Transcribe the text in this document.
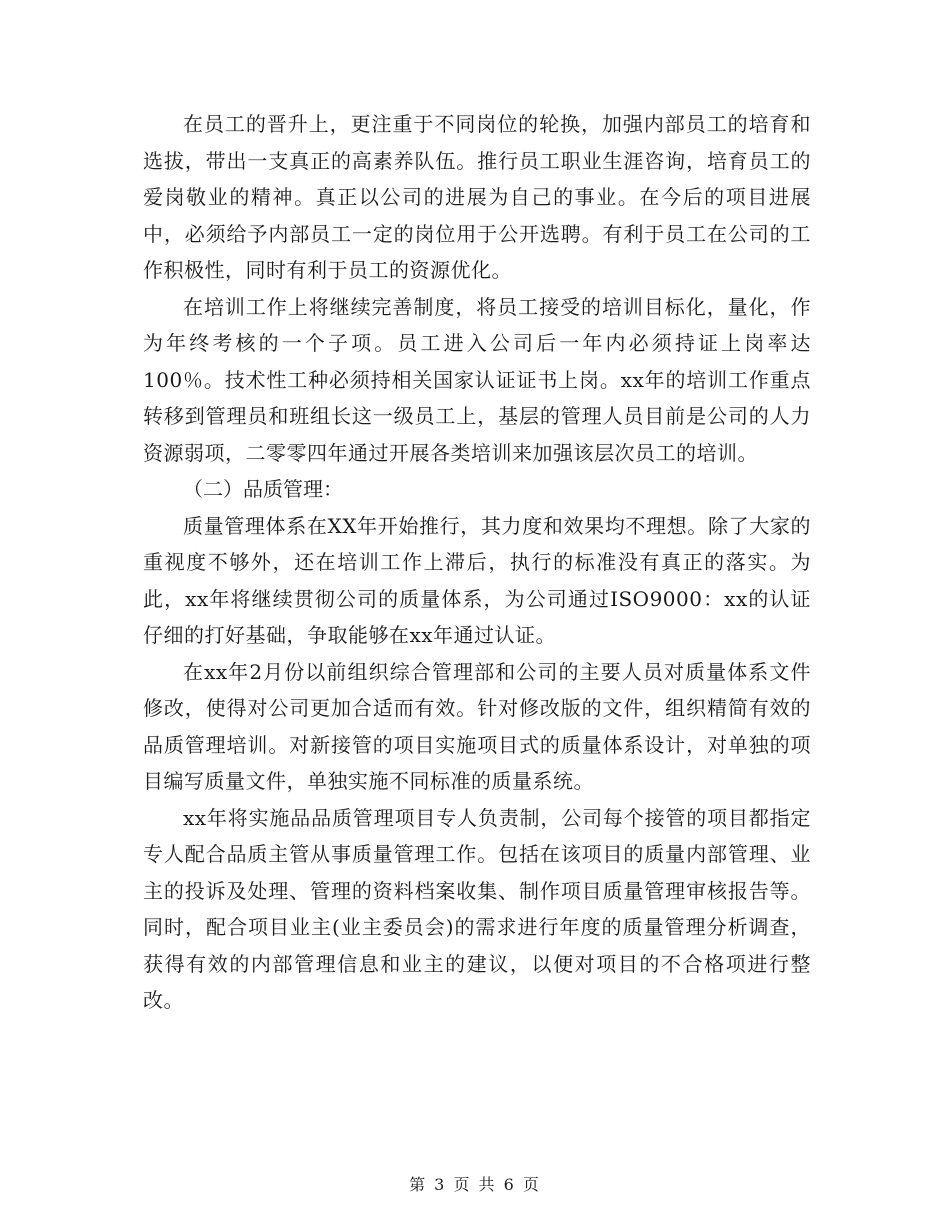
在员工的晋升上，更注重于不同岗位的轮换，加强内部员工的培育和选拔，带出一支真正的高素养队伍。推行员工职业生涯咨询，培育员工的爱岗敬业的精神。真正以公司的进展为自己的事业。在今后的项目进展中，必须给予内部员工一定的岗位用于公开选聘。有利于员工在公司的工作积极性，同时有利于员工的资源优化。

在培训工作上将继续完善制度，将员工接受的培训目标化，量化，作为年终考核的一个子项。员工进入公司后一年内必须持证上岗率达100％。技术性工种必须持相关国家认证证书上岗。xx年的培训工作重点转移到管理员和班组长这一级员工上，基层的管理人员目前是公司的人力资源弱项，二零零四年通过开展各类培训来加强该层次员工的培训。

（二）品质管理：

质量管理体系在XX年开始推行，其力度和效果均不理想。除了大家的重视度不够外，还在培训工作上滞后，执行的标准没有真正的落实。为此，xx年将继续贯彻公司的质量体系，为公司通过ISO9000：xx的认证仔细的打好基础，争取能够在xx年通过认证。

在xx年2月份以前组织综合管理部和公司的主要人员对质量体系文件修改，使得对公司更加合适而有效。针对修改版的文件，组织精简有效的品质管理培训。对新接管的项目实施项目式的质量体系设计，对单独的项目编写质量文件，单独实施不同标准的质量系统。

xx年将实施品品质管理项目专人负责制，公司每个接管的项目都指定专人配合品质主管从事质量管理工作。包括在该项目的质量内部管理、业主的投诉及处理、管理的资料档案收集、制作项目质量管理审核报告等。同时，配合项目业主(业主委员会)的需求进行年度的质量管理分析调查，获得有效的内部管理信息和业主的建议，以便对项目的不合格项进行整改。

第 3 页 共 6 页
